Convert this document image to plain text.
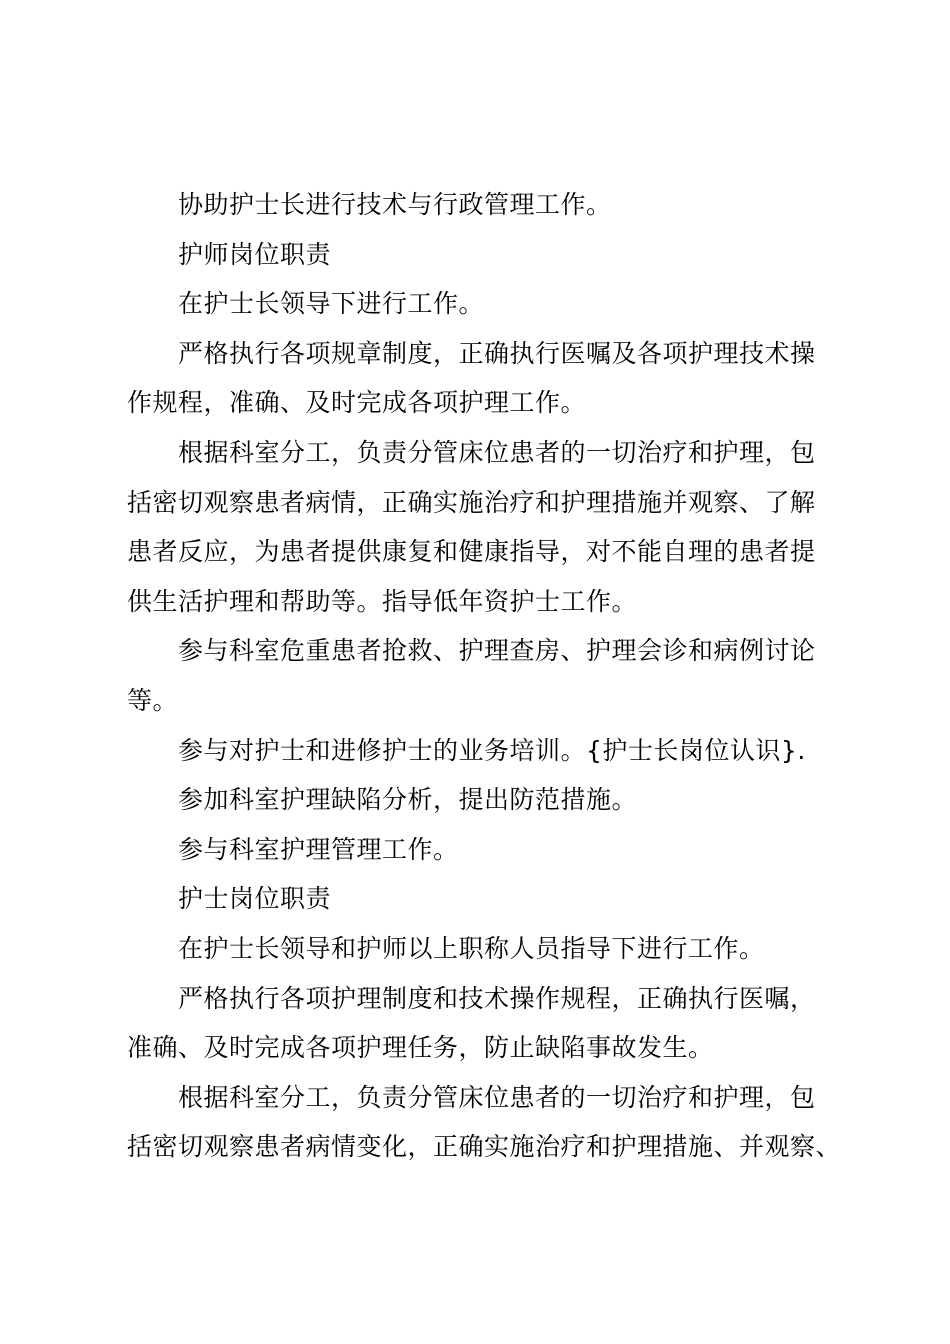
协助护士长进行技术与行政管理工作。

护师岗位职责

在护士长领导下进行工作。

严格执行各项规章制度，正确执行医嘱及各项护理技术操
作规程，准确、及时完成各项护理工作。

根据科室分工，负责分管床位患者的一切治疗和护理，包
括密切观察患者病情，正确实施治疗和护理措施并观察、了解
患者反应，为患者提供康复和健康指导，对不能自理的患者提
供生活护理和帮助等。指导低年资护士工作。

参与科室危重患者抢救、护理查房、护理会诊和病例讨论
等。

参与对护士和进修护士的业务培训。{护士长岗位认识}.

参加科室护理缺陷分析，提出防范措施。

参与科室护理管理工作。

护士岗位职责

在护士长领导和护师以上职称人员指导下进行工作。

严格执行各项护理制度和技术操作规程，正确执行医嘱，
准确、及时完成各项护理任务，防止缺陷事故发生。

根据科室分工，负责分管床位患者的一切治疗和护理，包
括密切观察患者病情变化，正确实施治疗和护理措施、并观察、
